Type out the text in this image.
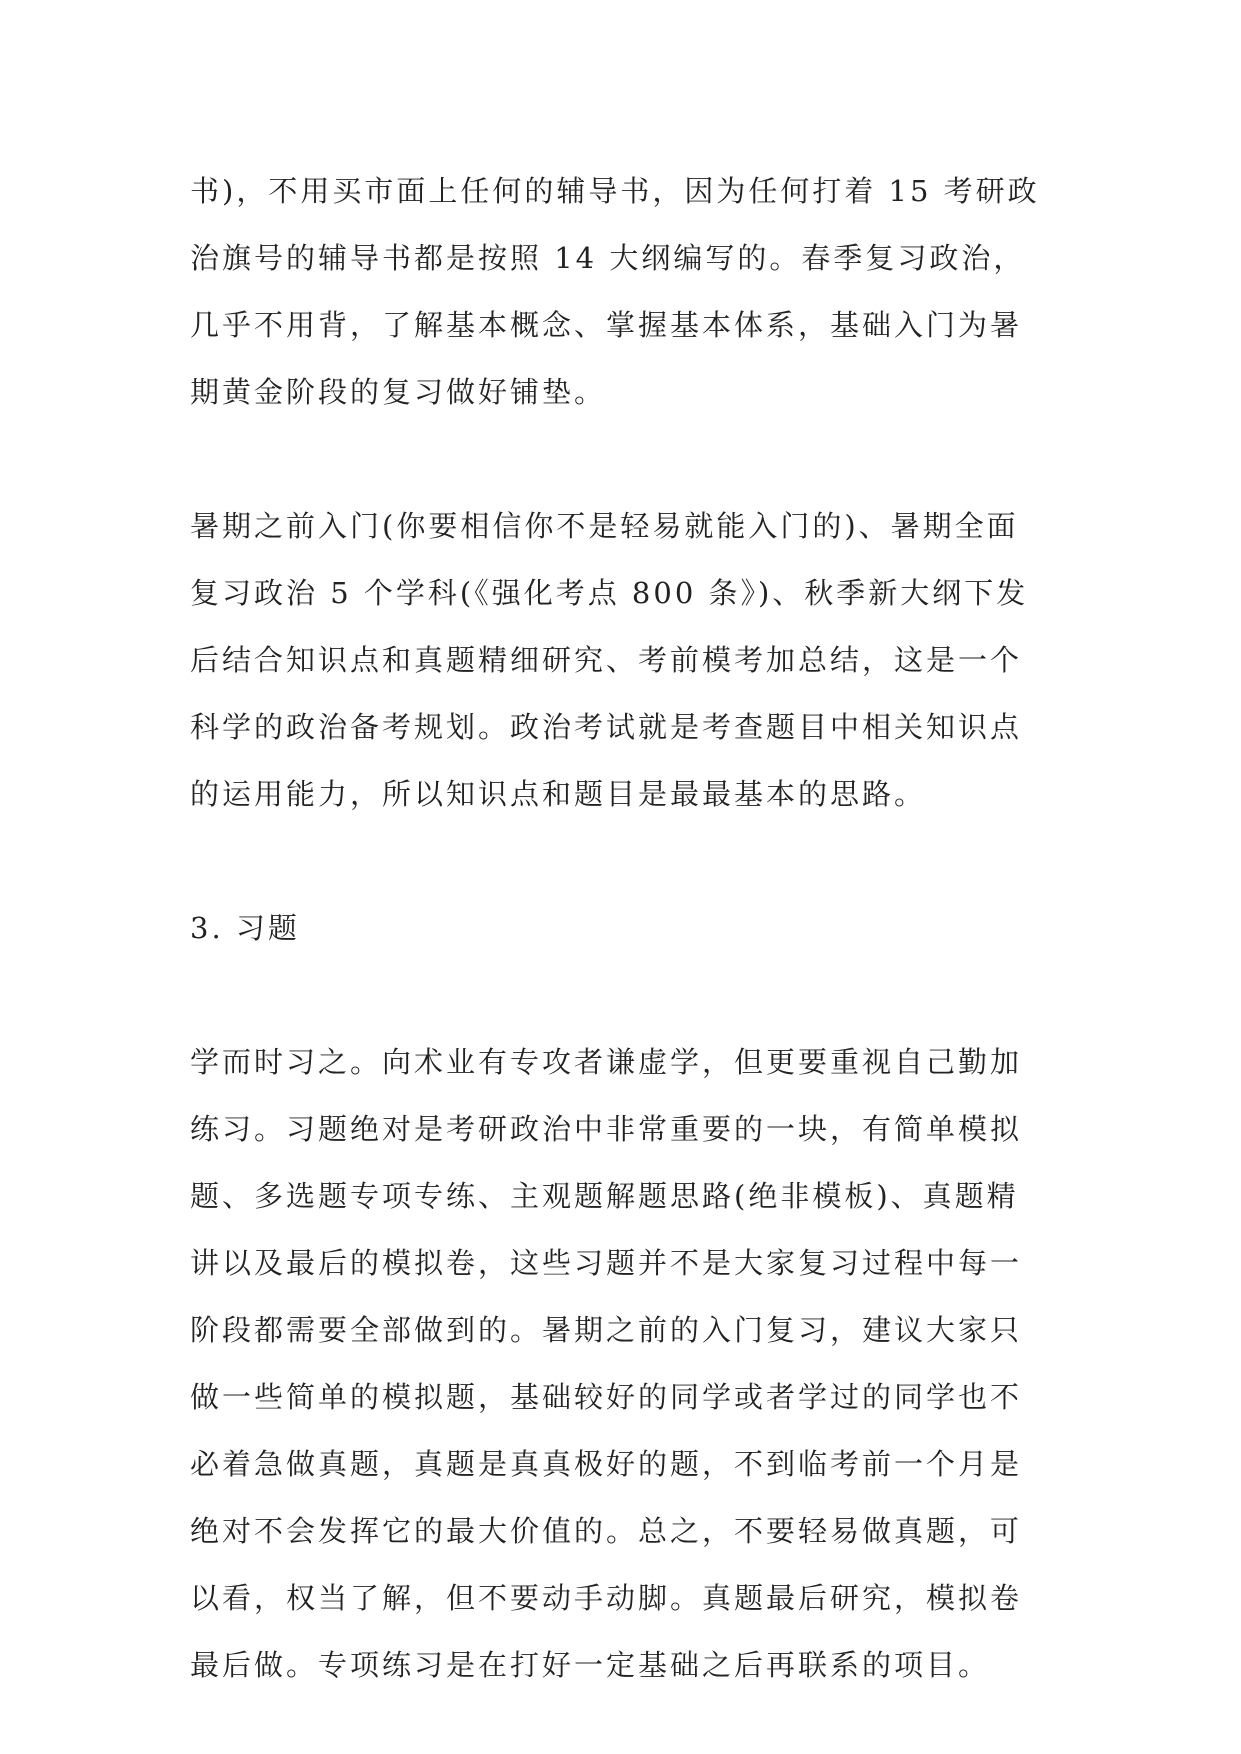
书)，不用买市面上任何的辅导书，因为任何打着 15 考研政
治旗号的辅导书都是按照 14 大纲编写的。春季复习政治，
几乎不用背，了解基本概念、掌握基本体系，基础入门为暑
期黄金阶段的复习做好铺垫。

暑期之前入门(你要相信你不是轻易就能入门的)、暑期全面
复习政治 5 个学科(《强化考点 800 条》)、秋季新大纲下发
后结合知识点和真题精细研究、考前模考加总结，这是一个
科学的政治备考规划。政治考试就是考查题目中相关知识点
的运用能力，所以知识点和题目是最最基本的思路。

3. 习题

学而时习之。向术业有专攻者谦虚学，但更要重视自己勤加
练习。习题绝对是考研政治中非常重要的一块，有简单模拟
题、多选题专项专练、主观题解题思路(绝非模板)、真题精
讲以及最后的模拟卷，这些习题并不是大家复习过程中每一
阶段都需要全部做到的。暑期之前的入门复习，建议大家只
做一些简单的模拟题，基础较好的同学或者学过的同学也不
必着急做真题，真题是真真极好的题，不到临考前一个月是
绝对不会发挥它的最大价值的。总之，不要轻易做真题，可
以看，权当了解，但不要动手动脚。真题最后研究，模拟卷
最后做。专项练习是在打好一定基础之后再联系的项目。
